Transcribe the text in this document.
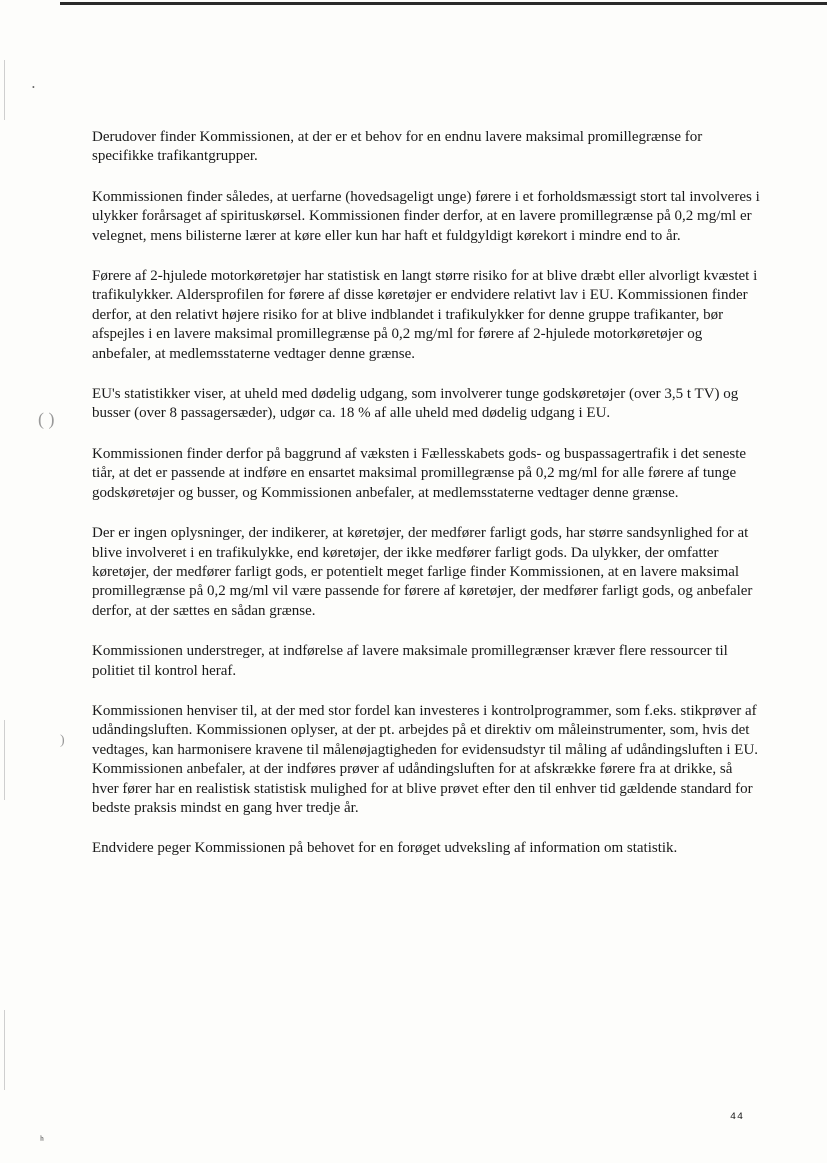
•
( )
)
ʰ

Derudover finder Kommissionen, at der er et behov for en endnu lavere maksimal promillegrænse for specifikke trafikantgrupper.

Kommissionen finder således, at uerfarne (hovedsageligt unge) førere i et forholdsmæssigt stort tal involveres i ulykker forårsaget af spirituskørsel. Kommissionen finder derfor, at en lavere promillegrænse på 0,2 mg/ml er velegnet, mens bilisterne lærer at køre eller kun har haft et fuldgyldigt kørekort i mindre end to år.

Førere af 2-hjulede motorkøretøjer har statistisk en langt større risiko for at blive dræbt eller alvorligt kvæstet i trafikulykker. Aldersprofilen for førere af disse køretøjer er endvidere relativt lav i EU. Kommissionen finder derfor, at den relativt højere risiko for at blive indblandet i trafikulykker for denne gruppe trafikanter, bør afspejles i en lavere maksimal promillegrænse på 0,2 mg/ml for førere af 2-hjulede motorkøretøjer og anbefaler, at medlemsstaterne vedtager denne grænse.

EU's statistikker viser, at uheld med dødelig udgang, som involverer tunge godskøretøjer (over 3,5 t TV) og busser (over 8 passagersæder), udgør ca. 18 % af alle uheld med dødelig udgang i EU.

Kommissionen finder derfor på baggrund af væksten i Fællesskabets gods- og buspassagertrafik i det seneste tiår, at det er passende at indføre en ensartet maksimal promillegrænse på 0,2 mg/ml for alle førere af tunge godskøretøjer og busser, og Kommissionen anbefaler, at medlemsstaterne vedtager denne grænse.

Der er ingen oplysninger, der indikerer, at køretøjer, der medfører farligt gods, har større sandsynlighed for at blive involveret i en trafikulykke, end køretøjer, der ikke medfører farligt gods. Da ulykker, der omfatter køretøjer, der medfører farligt gods, er potentielt meget farlige finder Kommissionen, at en lavere maksimal promillegrænse på 0,2 mg/ml vil være passende for førere af køretøjer, der medfører farligt gods, og anbefaler derfor, at der sættes en sådan grænse.

Kommissionen understreger, at indførelse af lavere maksimale promillegrænser kræver flere ressourcer til politiet til kontrol heraf.

Kommissionen henviser til, at der med stor fordel kan investeres i kontrolprogrammer, som f.eks. stikprøver af udåndingsluften. Kommissionen oplyser, at der pt. arbejdes på et direktiv om måleinstrumenter, som, hvis det vedtages, kan harmonisere kravene til målenøjagtigheden for evidensudstyr til måling af udåndingsluften i EU. Kommissionen anbefaler, at der indføres prøver af udåndingsluften for at afskrække førere fra at drikke, så hver fører har en realistisk statistisk mulighed for at blive prøvet efter den til enhver tid gældende standard for bedste praksis mindst en gang hver tredje år.

Endvidere peger Kommissionen på behovet for en forøget udveksling af information om statistik.

44
